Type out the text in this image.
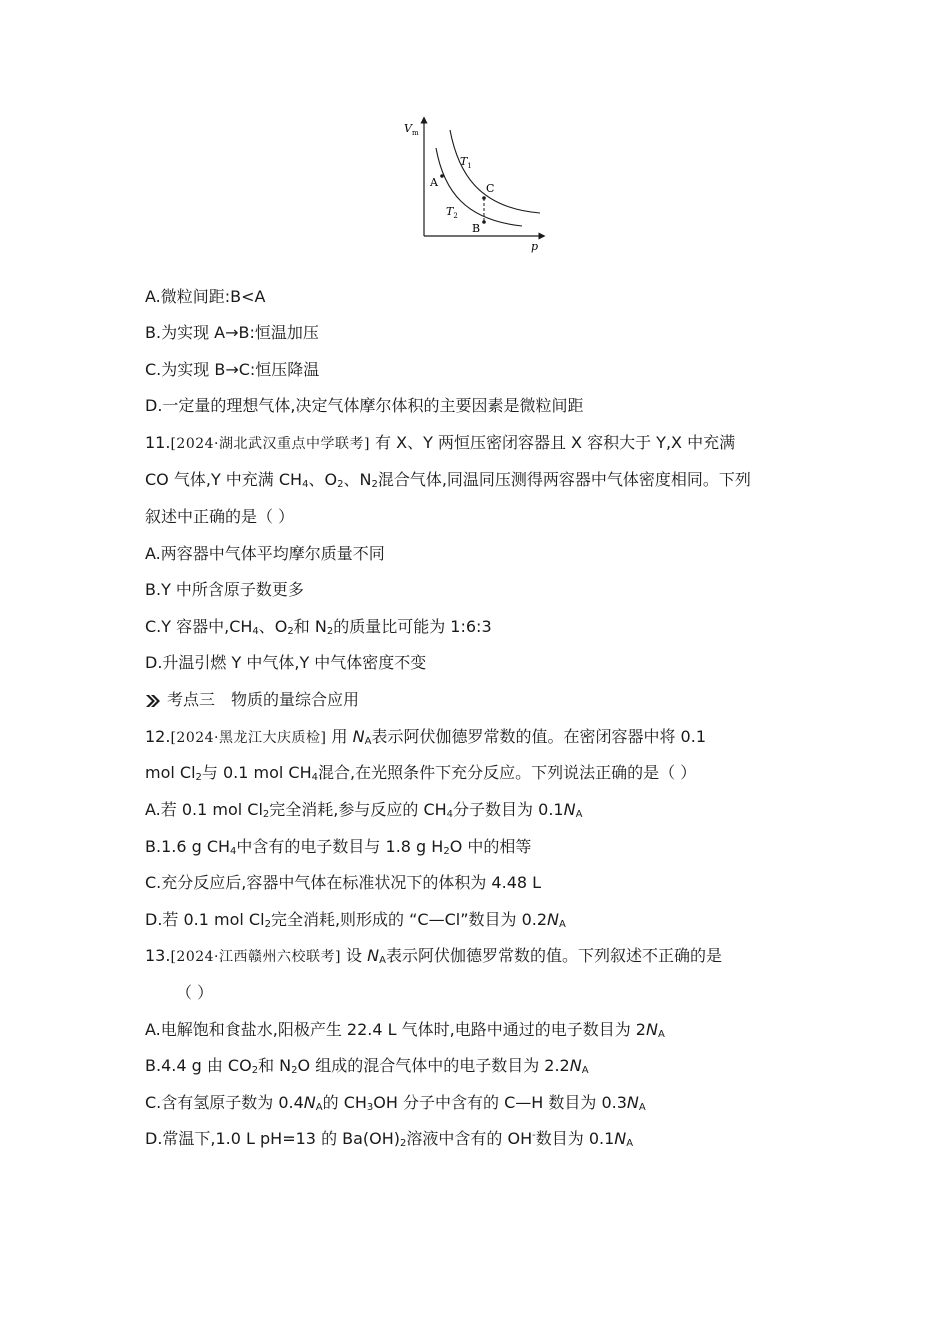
$V_m$
p
$T_1$
$T_2$
A	C
B
A.微粒间距:B<A
B.为实现 A→B:恒温加压
C.为实现 B→C:恒压降温
D.一定量的理想气体,决定气体摩尔体积的主要因素是微粒间距
11.[2024·湖北武汉重点中学联考] 有 X、Y 两恒压密闭容器且 X 容积大于 Y,X 中充满
CO 气体,Y 中充满 $CH_4$、$O_2$、$N_2$混合气体,同温同压测得两容器中气体密度相同。下列
叙述中正确的是（ ）
A.两容器中气体平均摩尔质量不同
B.Y 中所含原子数更多
C.Y 容器中$,CH_4$、$O_2$和 $N_2$的质量比可能为 1:6:3
D.升温引燃 Y 中气体,Y 中气体密度不变
考点三　物质的量综合应用
12.[2024·黑龙江大庆质检] 用 $N_A$表示阿伏伽德罗常数的值。在密闭容器中将 0.1
mol $Cl_2$与 0.1 mol $CH_4$混合,在光照条件下充分反应。下列说法正确的是（ ）
A.若 0.1 mol $Cl_2$完全消耗,参与反应的 $CH_4$分子数目为 $0.1N_A$
B.1.6 g $CH_4$中含有的电子数目与 1.8 g $H_2O$ 中的相等
C.充分反应后,容器中气体在标准状况下的体积为 4.48 L
D.若 0.1 mol $Cl_2$完全消耗,则形成的 “C—Cl”数目为 $0.2N_A$
13.[2024·江西赣州六校联考] 设 $N_A$表示阿伏伽德罗常数的值。下列叙述不正确的是
（ ）
A.电解饱和食盐水,阳极产生 22.4 L 气体时,电路中通过的电子数目为 $2N_A$
B.4.4 g 由 $CO_2$和 $N_2O$ 组成的混合气体中的电子数目为 $2.2N_A$
C.含有氢原子数为 $0.4N_A$的 $CH_3OH$ 分子中含有的 C—H 数目为 $0.3N_A$
D.常温下,1.0 L pH=13 的 $Ba(OH)_2$溶液中含有的 OH-数目为 $0.1N_A$
